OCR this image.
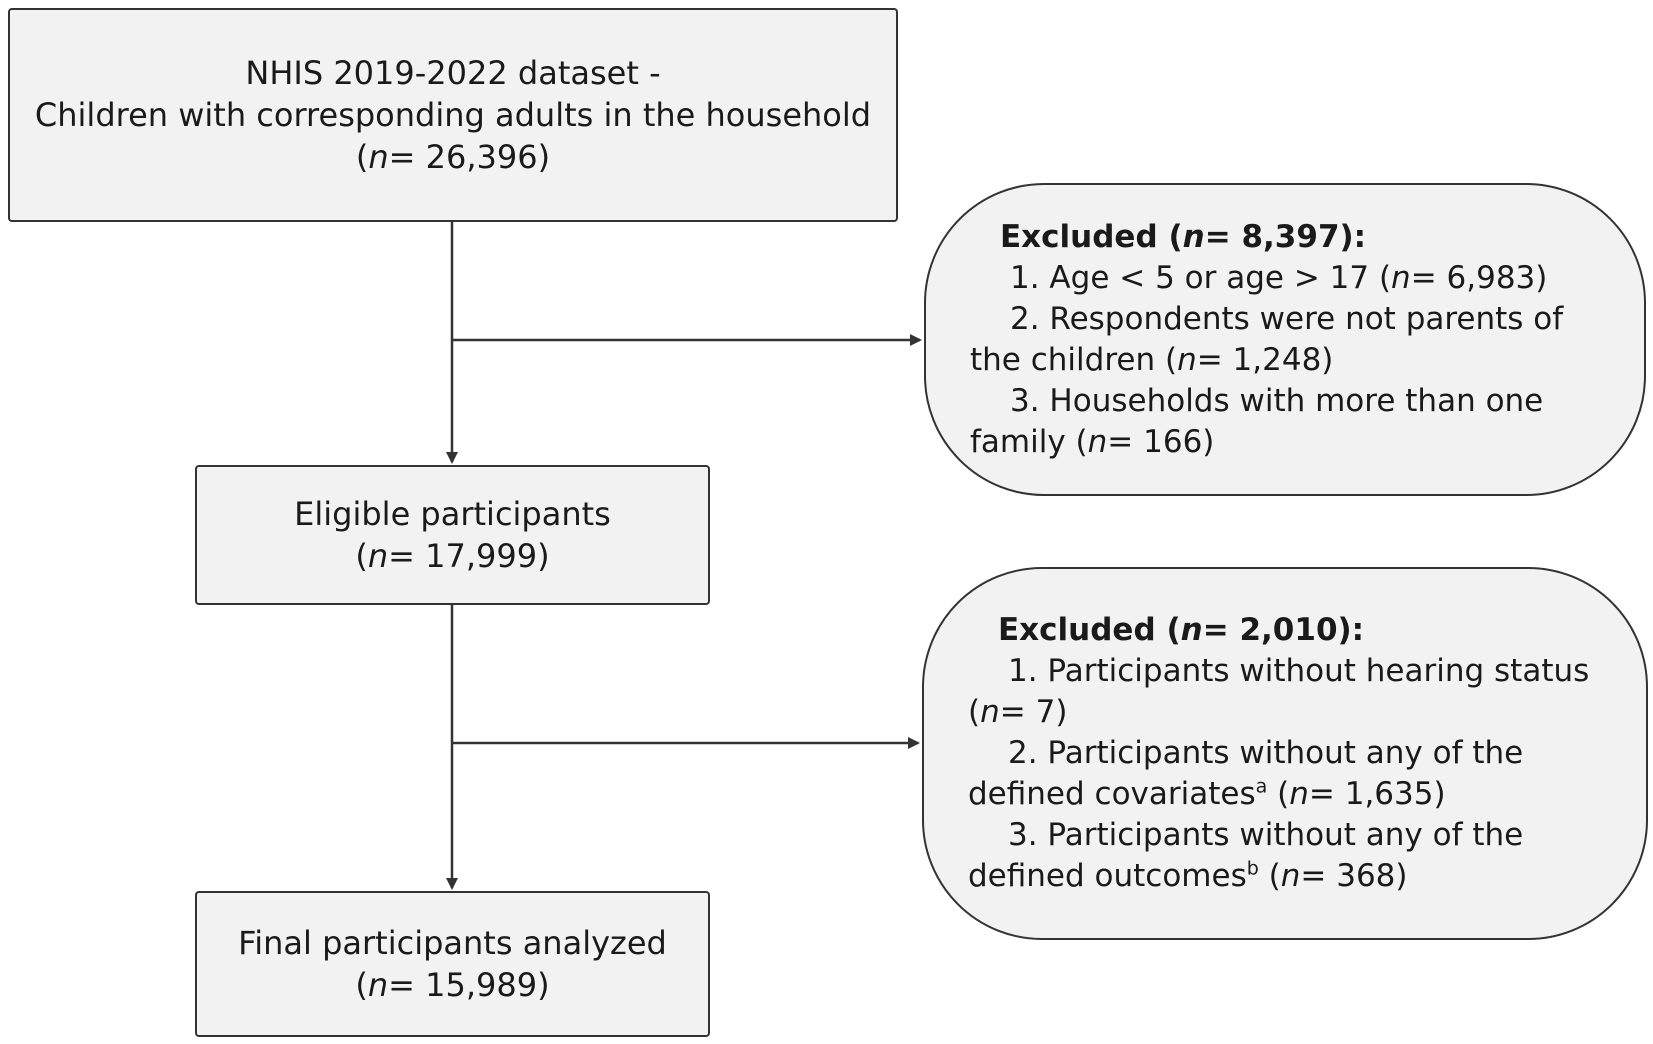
NHIS 2019-2022 dataset -
Children with corresponding adults in the household
(n= 26,396)
Eligible participants
(n= 17,999)
Final participants analyzed
(n= 15,989)
Excluded (n= 8,397):
1. Age < 5 or age > 17 (n= 6,983)
2. Respondents were not parents of the children (n= 1,248)
3. Households with more than one family (n= 166)
Excluded (n= 2,010):
1. Participants without hearing status (n= 7)
2. Participants without any of the defined covariates$^a$ (n= 1,635)
3. Participants without any of the defined outcomes$^b$ (n= 368)
